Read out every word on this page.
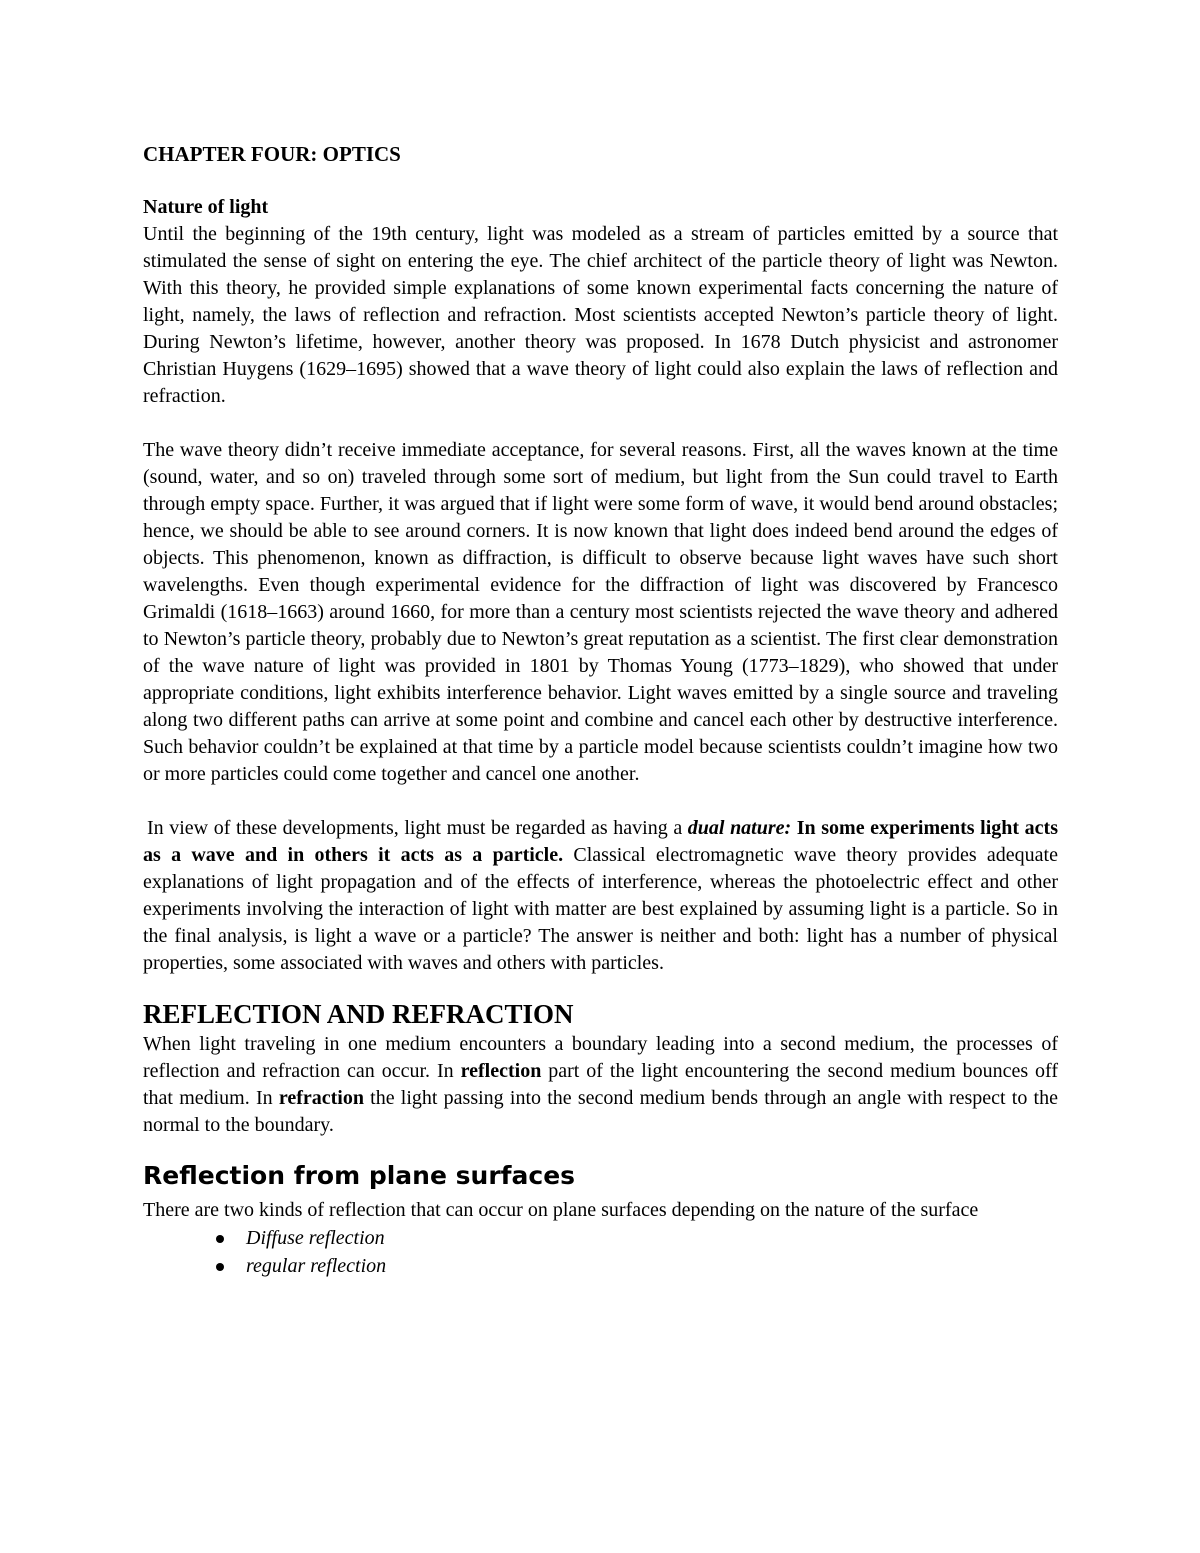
CHAPTER FOUR: OPTICS
Nature of light

Until the beginning of the 19th century, light was modeled as a stream of particles emitted by a source that stimulated the sense of sight on entering the eye. The chief architect of the particle theory of light was Newton. With this theory, he provided simple explanations of some known experimental facts concerning the nature of light, namely, the laws of reflection and refraction. Most scientists accepted Newton’s particle theory of light. During Newton’s lifetime, however, another theory was proposed. In 1678 Dutch physicist and astronomer Christian Huygens (1629–1695) showed that a wave theory of light could also explain the laws of reflection and refraction.

The wave theory didn’t receive immediate acceptance, for several reasons. First, all the waves known at the time (sound, water, and so on) traveled through some sort of medium, but light from the Sun could travel to Earth through empty space. Further, it was argued that if light were some form of wave, it would bend around obstacles; hence, we should be able to see around corners. It is now known that light does indeed bend around the edges of objects. This phenomenon, known as diffraction, is difficult to observe because light waves have such short wavelengths. Even though experimental evidence for the diffraction of light was discovered by Francesco Grimaldi (1618–1663) around 1660, for more than a century most scientists rejected the wave theory and adhered to Newton’s particle theory, probably due to Newton’s great reputation as a scientist. The first clear demonstration of the wave nature of light was provided in 1801 by Thomas Young (1773–1829), who showed that under appropriate conditions, light exhibits interference behavior. Light waves emitted by a single source and traveling along two different paths can arrive at some point and combine and cancel each other by destructive interference. Such behavior couldn’t be explained at that time by a particle model because scientists couldn’t imagine how two or more particles could come together and cancel one another.

In view of these developments, light must be regarded as having a dual nature: In some experiments light acts as a wave and in others it acts as a particle. Classical electromagnetic wave theory provides adequate explanations of light propagation and of the effects of interference, whereas the photoelectric effect and other experiments involving the interaction of light with matter are best explained by assuming light is a particle. So in the final analysis, is light a wave or a particle? The answer is neither and both: light has a number of physical properties, some associated with waves and others with particles.

REFLECTION AND REFRACTION

When light traveling in one medium encounters a boundary leading into a second medium, the processes of reflection and refraction can occur. In reflection part of the light encountering the second medium bounces off that medium. In refraction the light passing into the second medium bends through an angle with respect to the normal to the boundary.

Reflection from plane surfaces

There are two kinds of reflection that can occur on plane surfaces depending on the nature of the surface

Diffuse reflection
regular reflection
